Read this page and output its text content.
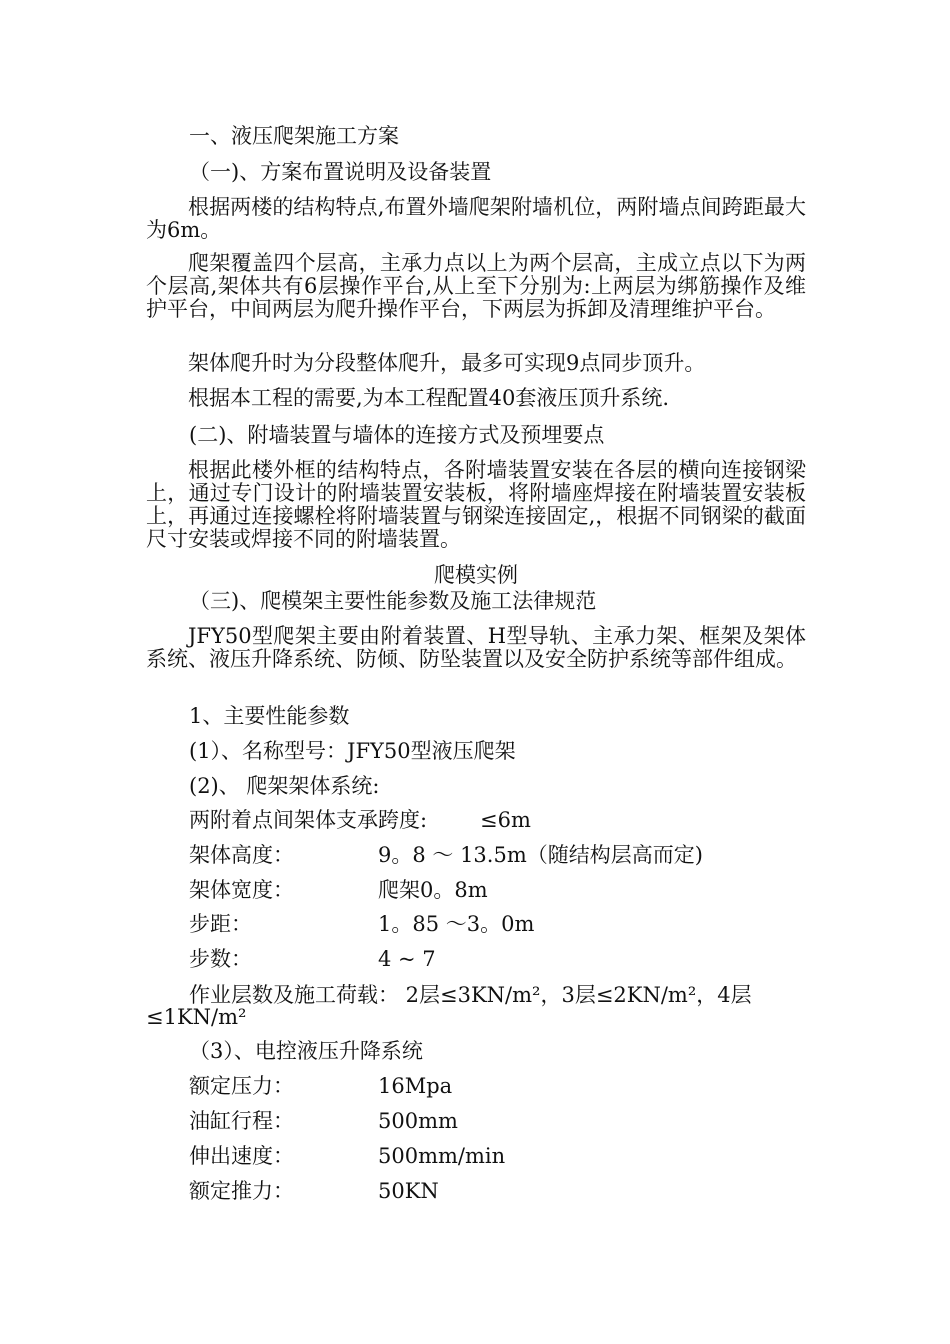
一、液压爬架施工方案
（一)、方案布置说明及设备装置
根据两楼的结构特点,布置外墙爬架附墙机位，两附墙点间跨距最大为6m。
爬架覆盖四个层高，主承力点以上为两个层高，主成立点以下为两个层高,架体共有6层操作平台,从上至下分别为:上两层为绑筋操作及维护平台，中间两层为爬升操作平台，下两层为拆卸及清理维护平台。
架体爬升时为分段整体爬升，最多可实现9点同步顶升。
根据本工程的需要,为本工程配置40套液压顶升系统.
(二)、附墙装置与墙体的连接方式及预埋要点
根据此楼外框的结构特点，各附墙装置安装在各层的横向连接钢梁上，通过专门设计的附墙装置安装板，将附墙座焊接在附墙装置安装板上，再通过连接螺栓将附墙装置与钢梁连接固定,，根据不同钢梁的截面尺寸安装或焊接不同的附墙装置。
爬模实例
（三)、爬模架主要性能参数及施工法律规范
JFY50型爬架主要由附着装置、H型导轨、主承力架、框架及架体系统、液压升降系统、防倾、防坠装置以及安全防护系统等部件组成。
1、主要性能参数
(1）、名称型号：JFY50型液压爬架
(2)、 爬架架体系统:
两附着点间架体支承跨度:	≤6m
架体高度：	9。8 ～ 13.5m（随结构层高而定)
架体宽度：	爬架0。8m
步距：	1。85 ～3。0m
步数：	4 ~ 7
作业层数及施工荷载： 2层≤3KN/m²，3层≤2KN/m²，4层
≤1KN/m²
（3）、电控液压升降系统
额定压力：	16Mpa
油缸行程：	500mm
伸出速度：	500mm/min
额定推力：	50KN
